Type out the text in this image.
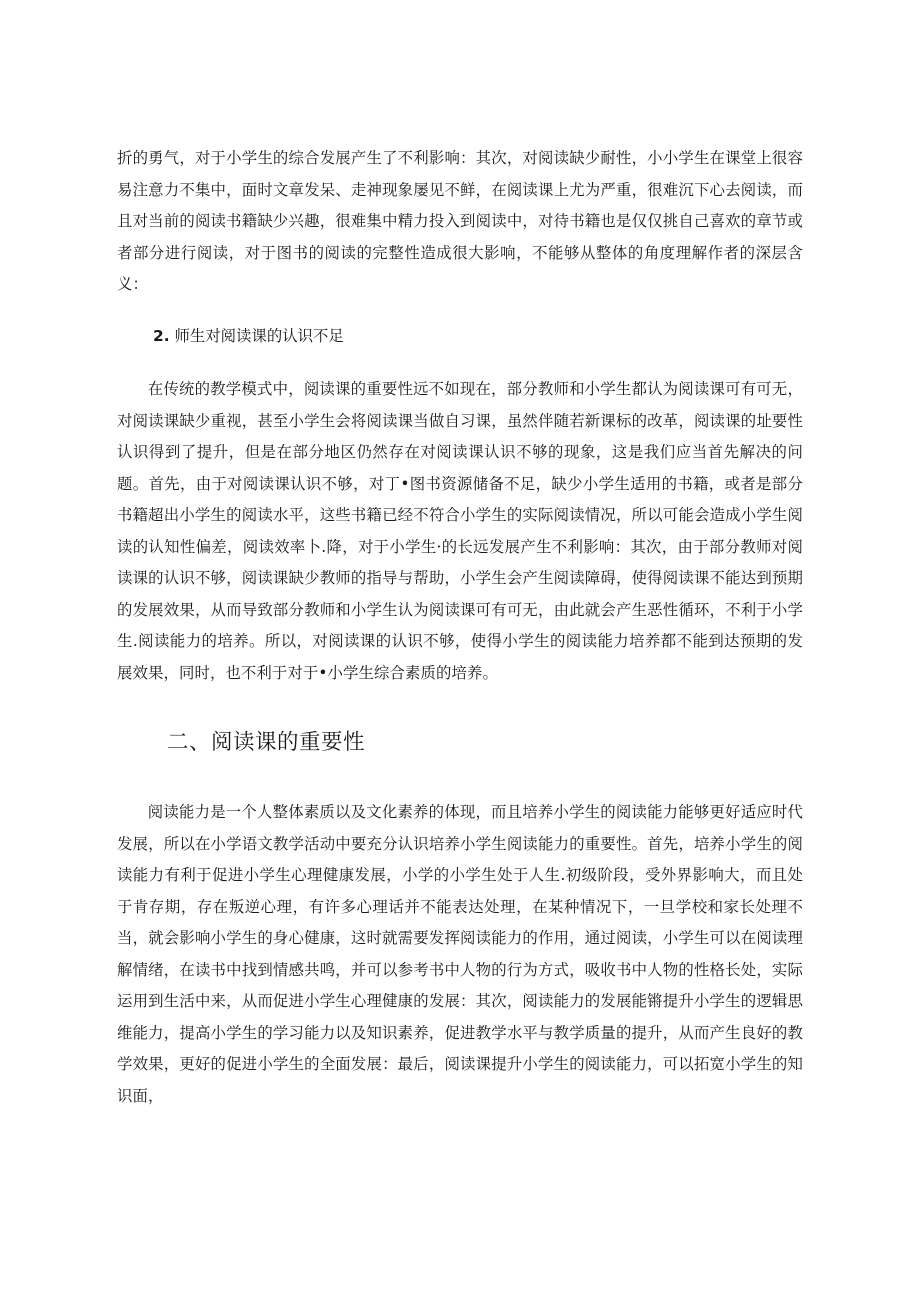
折的勇气，对于小学生的综合发展产生了不利影响：其次，对阅读缺少耐性，小小学生在课堂上很容易注意力不集中，面时文章发呆、走神现象屡见不鲜，在阅读课上尤为严重，很难沉下心去阅读，而且对当前的阅读书籍缺少兴趣，很难集中精力投入到阅读中，对待书籍也是仅仅挑自己喜欢的章节或者部分进行阅读，对于图书的阅读的完整性造成很大影响，不能够从整体的角度理解作者的深层含义：

2. 师生对阅读课的认识不足

在传统的教学模式中，阅读课的重要性远不如现在，部分教师和小学生都认为阅读课可有可无，对阅读课缺少重视，甚至小学生会将阅读课当做自习课，虽然伴随若新课标的改革，阅读课的址要性认识得到了提升，但是在部分地区仍然存在对阅读课认识不够的现象，这是我们应当首先解决的问题。首先，由于对阅读课认识不够，对丁•图书资源储备不足，缺少小学生适用的书籍，或者是部分书籍超出小学生的阅读水平，这些书籍已经不符合小学生的实际阅读情况，所以可能会造成小学生阅读的认知性偏差，阅读效率卜.降，对于小学生·的长远发展产生不利影响：其次，由于部分教师对阅读课的认识不够，阅读课缺少教师的指导与帮助，小学生会产生阅读障碍，使得阅读课不能达到预期的发展效果，从而导致部分教师和小学生认为阅读课可有可无，由此就会产生恶性循环，不利于小学生.阅读能力的培养。所以，对阅读课的认识不够，使得小学生的阅读能力培养都不能到达预期的发展效果，同时，也不利于对于•小学生综合素质的培养。

二、阅读课的重要性

阅读能力是一个人整体素质以及文化素养的体现，而且培养小学生的阅读能力能够更好适应时代发展，所以在小学语文教学活动中要充分认识培养小学生阅读能力的重要性。首先，培养小学生的阅读能力有利于促进小学生心理健康发展，小学的小学生处于人生.初级阶段，受外界影响大，而且处于肯存期，存在叛逆心理，有许多心理话并不能表达处理，在某种情况下，一旦学校和家长处理不当，就会影响小学生的身心健康，这时就需要发挥阅读能力的作用，通过阅读，小学生可以在阅读理解情绪，在读书中找到情感共鸣，并可以参考书中人物的行为方式，吸收书中人物的性格长处，实际运用到生活中来，从而促进小学生心理健康的发展：其次，阅读能力的发展能锵提升小学生的逻辑思维能力，提高小学生的学习能力以及知识素养，促进教学水平与教学质量的提升，从而产生良好的教学效果，更好的促进小学生的全面发展：最后，阅读课提升小学生的阅读能力，可以拓宽小学生的知识面，
